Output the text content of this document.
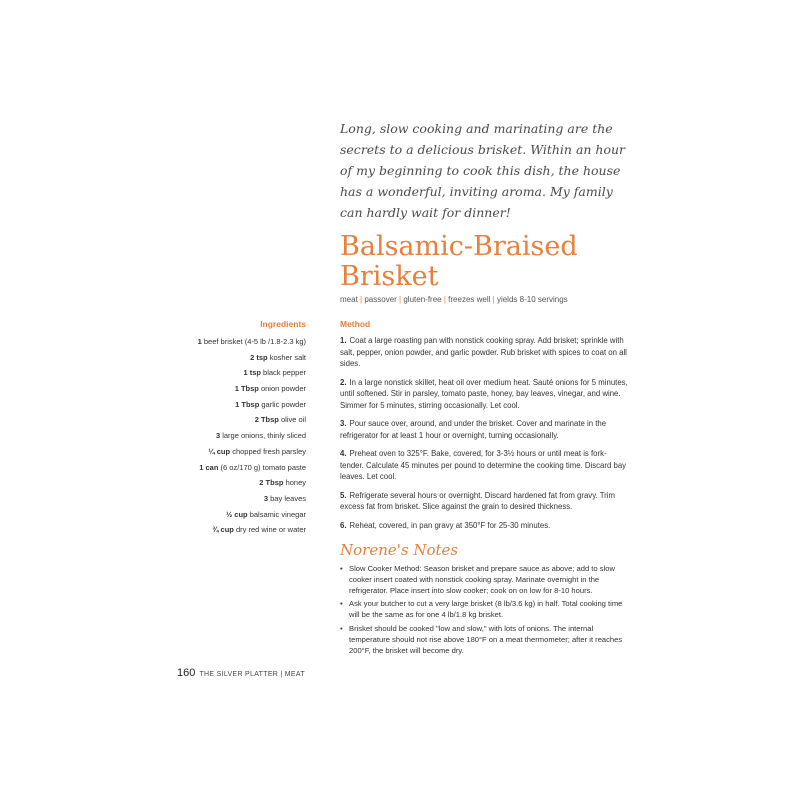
Long, slow cooking and marinating are the secrets to a delicious brisket. Within an hour of my beginning to cook this dish, the house has a wonderful, inviting aroma. My family can hardly wait for dinner!

Balsamic-Braised
Brisket

meat | passover | gluten-free | freezes well | yields 8-10 servings

Ingredients
1 beef brisket (4-5 lb /1.8-2.3 kg)
2 tsp kosher salt
1 tsp black pepper
1 Tbsp onion powder
1 Tbsp garlic powder
2 Tbsp olive oil
3 large onions, thinly sliced
¼ cup chopped fresh parsley
1 can (6 oz/170 g) tomato paste
2 Tbsp honey
3 bay leaves
½ cup balsamic vinegar
¾ cup dry red wine or water
Method
1. Coat a large roasting pan with nonstick cooking spray. Add brisket; sprinkle with salt, pepper, onion powder, and garlic powder. Rub brisket with spices to coat on all sides.
2. In a large nonstick skillet, heat oil over medium heat. Sauté onions for 5 minutes, until softened. Stir in parsley, tomato paste, honey, bay leaves, vinegar, and wine. Simmer for 5 minutes, stirring occasionally. Let cool.
3. Pour sauce over, around, and under the brisket. Cover and marinate in the refrigerator for at least 1 hour or overnight, turning occasionally.
4. Preheat oven to 325°F. Bake, covered, for 3-3½ hours or until meat is fork-tender. Calculate 45 minutes per pound to determine the cooking time. Discard bay leaves. Let cool.
5. Refrigerate several hours or overnight. Discard hardened fat from gravy. Trim excess fat from brisket. Slice against the grain to desired thickness.
6. Reheat, covered, in pan gravy at 350°F for 25-30 minutes.
Norene's Notes
• Slow Cooker Method: Season brisket and prepare sauce as above; add to slow cooker insert coated with nonstick cooking spray. Marinate overnight in the refrigerator. Place insert into slow cooker; cook on on low for 8-10 hours.
• Ask your butcher to cut a very large brisket (8 lb/3.6 kg) in half. Total cooking time will be the same as for one 4 lb/1.8 kg brisket.
• Brisket should be cooked "low and slow," with lots of onions. The internal temperature should not rise above 180°F on a meat thermometer; after it reaches 200°F, the brisket will become dry.
160 THE SILVER PLATTER | MEAT
